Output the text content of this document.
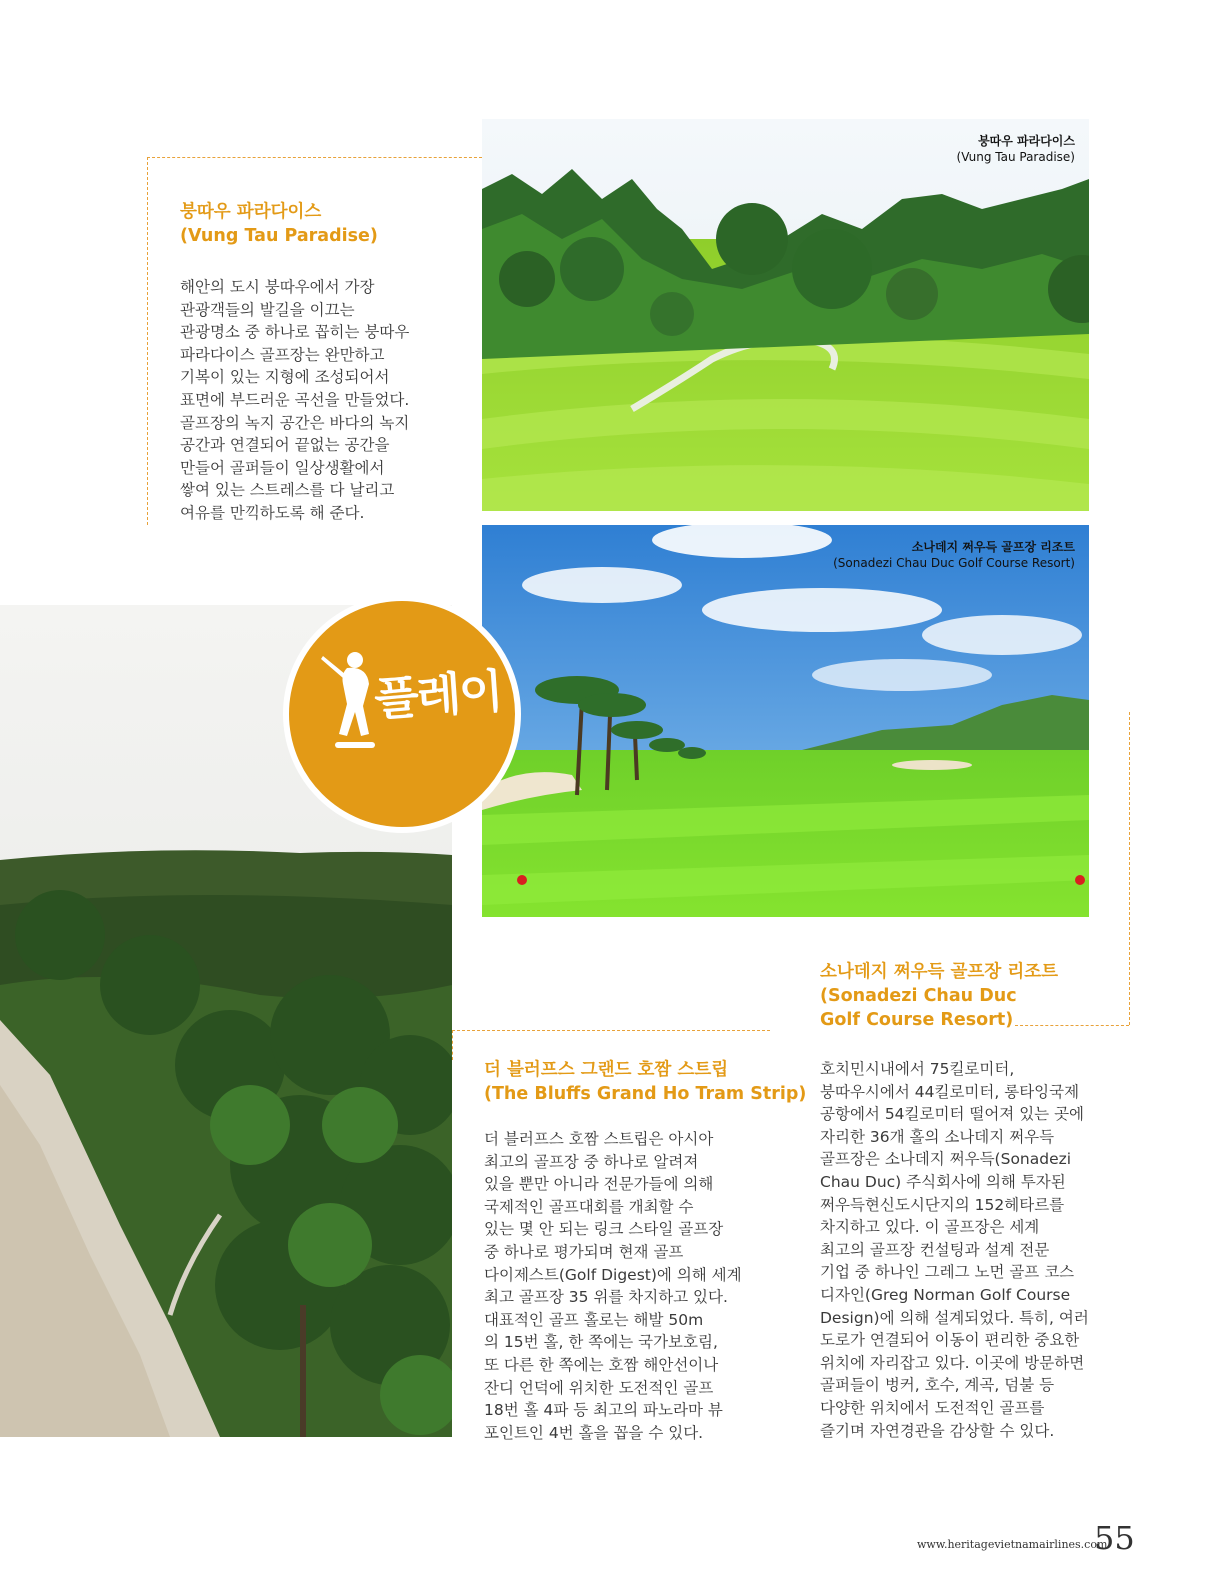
붕따우 파라다이스
(Vung Tau Paradise)
소나데지 쩌우득 골프장 리조트
(Sonadezi Chau Duc Golf Course Resort)
플레이
붕따우 파라다이스
(Vung Tau Paradise)

해안의 도시 붕따우에서 가장

관광객들의 발길을 이끄는

관광명소 중 하나로 꼽히는 붕따우

파라다이스 골프장는 완만하고

기복이 있는 지형에 조성되어서

표면에 부드러운 곡선을 만들었다.

골프장의 녹지 공간은 바다의 녹지

공간과 연결되어 끝없는 공간을

만들어 골퍼들이 일상생활에서

쌓여 있는 스트레스를 다 날리고

여유를 만끽하도록 해 준다.

소나데지 쩌우득 골프장 리조트
(Sonadezi Chau Duc
Golf Course Resort)

호치민시내에서 75킬로미터,

붕따우시에서 44킬로미터, 롱타잉국제

공항에서 54킬로미터 떨어져 있는 곳에

자리한 36개 홀의 소나데지 쩌우득

골프장은 소나데지 쩌우득(Sonadezi

Chau Duc) 주식회사에 의해 투자된

쩌우득현신도시단지의 152헤타르를

차지하고 있다. 이 골프장은 세계

최고의 골프장 컨설팅과 설계 전문

기업 중 하나인 그레그 노먼 골프 코스

디자인(Greg Norman Golf Course

Design)에 의해 설계되었다. 특히, 여러

도로가 연결되어 이동이 편리한 중요한

위치에 자리잡고 있다. 이곳에 방문하면

골퍼들이 벙커, 호수, 계곡, 덤불 등

다양한 위치에서 도전적인 골프를

즐기며 자연경관을 감상할 수 있다.

더 블러프스 그랜드 호짬 스트립
(The Bluffs Grand Ho Tram Strip)

더 블러프스 호짬 스트립은 아시아

최고의 골프장 중 하나로 알려져

있을 뿐만 아니라 전문가들에 의해

국제적인 골프대회를 개최할 수

있는 몇 안 되는 링크 스타일 골프장

중 하나로 평가되며 현재 골프

다이제스트(Golf Digest)에 의해 세계

최고 골프장 35 위를 차지하고 있다.

대표적인 골프 홀로는 해발 50m

의 15번 홀, 한 쪽에는 국가보호림,

또 다른 한 쪽에는 호짬 해안선이나

잔디 언덕에 위치한 도전적인 골프

18번 홀 4파 등 최고의 파노라마 뷰

포인트인 4번 홀을 꼽을 수 있다.

www.heritagevietnamairlines.com
55
